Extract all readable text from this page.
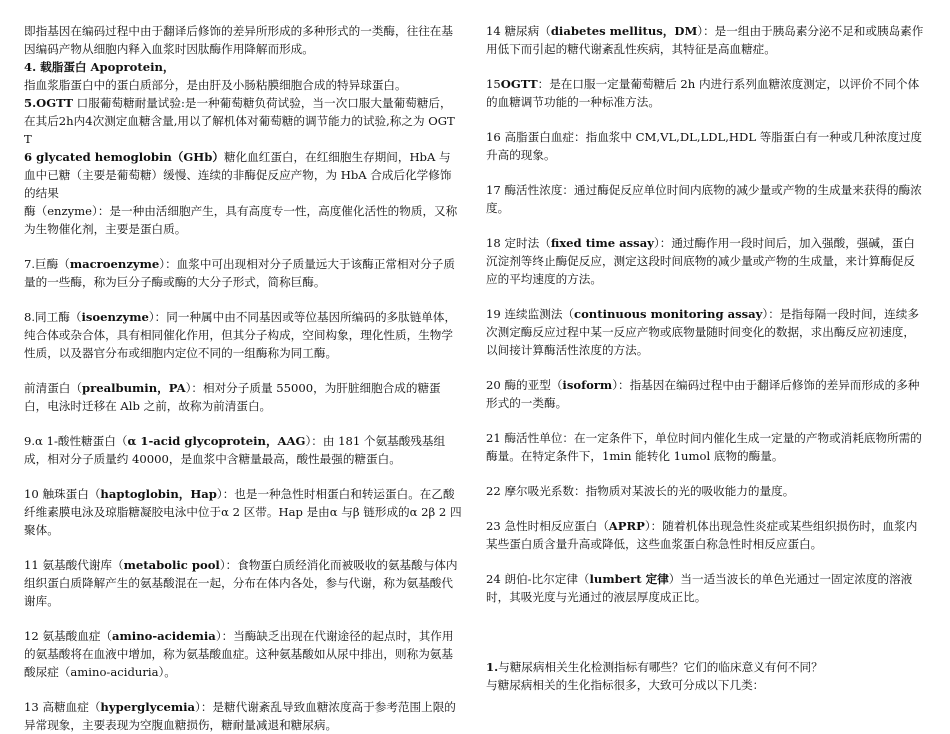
即指基因在编码过程中由于翻译后修饰的差异所形成的多种形式的一类酶，往往在基因编码产物从细胞内释入血浆时因肽酶作用降解而形成。
4. 载脂蛋白 Apoprotein，
指血浆脂蛋白中的蛋白质部分，是由肝及小肠粘膜细胞合成的特异球蛋白。
5.OGTT 口服葡萄糖耐量试验:是一种葡萄糖负荷试验，当一次口服大量葡萄糖后，在其后2h内4次测定血糖含量,用以了解机体对葡萄糖的调节能力的试验,称之为 OGTT
6 glycated hemoglobin（GHb）糖化血红蛋白，在红细胞生存期间，HbA 与血中已糖（主要是葡萄糖）缓慢、连续的非酶促反应产物，为 HbA 合成后化学修饰的结果
酶（enzyme）：是一种由活细胞产生，具有高度专一性，高度催化活性的物质，又称为生物催化剂，主要是蛋白质。
7.巨酶（macroenzyme）：血浆中可出现相对分子质量远大于该酶正常相对分子质量的一些酶，称为巨分子酶或酶的大分子形式，简称巨酶。
8.同工酶（isoenzyme）：同一种属中由不同基因或等位基因所编码的多肽链单体，纯合体或杂合体，具有相同催化作用，但其分子构成，空间构象，理化性质，生物学性质，以及器官分布或细胞内定位不同的一组酶称为同工酶。
前清蛋白（prealbumin，PA）：相对分子质量 55000，为肝脏细胞合成的糖蛋白，电泳时迁移在 Alb 之前，故称为前清蛋白。
9.α 1-酸性糖蛋白（α 1-acid glycoprotein，AAG）：由 181 个氨基酸残基组成，相对分子质量约 40000，是血浆中含糖量最高，酸性最强的糖蛋白。
10 触珠蛋白（haptoglobin，Hap）：也是一种急性时相蛋白和转运蛋白。在乙酸纤维素膜电泳及琼脂糖凝胶电泳中位于α 2 区带。Hap 是由α 与β 链形成的α 2β 2 四聚体。
11 氨基酸代谢库（metabolic pool）：食物蛋白质经消化而被吸收的氨基酸与体内组织蛋白质降解产生的氨基酸混在一起，分布在体内各处，参与代谢，称为氨基酸代谢库。
12 氨基酸血症（amino-acidemia）：当酶缺乏出现在代谢途径的起点时，其作用的氨基酸将在血液中增加，称为氨基酸血症。这种氨基酸如从尿中排出，则称为氨基酸尿症（amino-aciduria）。
13 高糖血症（hyperglycemia）：是糖代谢紊乱导致血糖浓度高于参考范围上限的异常现象，主要表现为空腹血糖损伤，糖耐量减退和糖尿病。
14 糖尿病（diabetes mellitus，DM）：是一组由于胰岛素分泌不足和或胰岛素作用低下而引起的糖代谢紊乱性疾病，其特征是高血糖症。
15OGTT：是在口服一定量葡萄糖后 2h 内进行系列血糖浓度测定，以评价不同个体的血糖调节功能的一种标准方法。
16 高脂蛋白血症：指血浆中 CM,VL,DL,LDL,HDL 等脂蛋白有一种或几种浓度过度升高的现象。
17 酶活性浓度：通过酶促反应单位时间内底物的减少量或产物的生成量来获得的酶浓度。
18 定时法（fixed time assay）：通过酶作用一段时间后，加入强酸，强碱，蛋白沉淀剂等终止酶促反应，测定这段时间底物的减少量或产物的生成量，来计算酶促反应的平均速度的方法。
19 连续监测法（continuous monitoring assay）：是指每隔一段时间，连续多次测定酶反应过程中某一反应产物或底物量随时间变化的数据，求出酶反应初速度，以间接计算酶活性浓度的方法。
20 酶的亚型（isoform）：指基因在编码过程中由于翻译后修饰的差异而形成的多种形式的一类酶。
21 酶活性单位：在一定条件下，单位时间内催化生成一定量的产物或消耗底物所需的酶量。在特定条件下，1min 能转化 1umol 底物的酶量。
22 摩尔吸光系数：指物质对某波长的光的吸收能力的量度。
23 急性时相反应蛋白（APRP）：随着机体出现急性炎症或某些组织损伤时，血浆内某些蛋白质含量升高或降低，这些血浆蛋白称急性时相反应蛋白。
24 朗伯-比尔定律（lumbert 定律）当一适当波长的单色光通过一固定浓度的溶液时，其吸光度与光通过的液层厚度成正比。
1.与糖尿病相关生化检测指标有哪些？它们的临床意义有何不同？
与糖尿病相关的生化指标很多，大致可分成以下几类：
